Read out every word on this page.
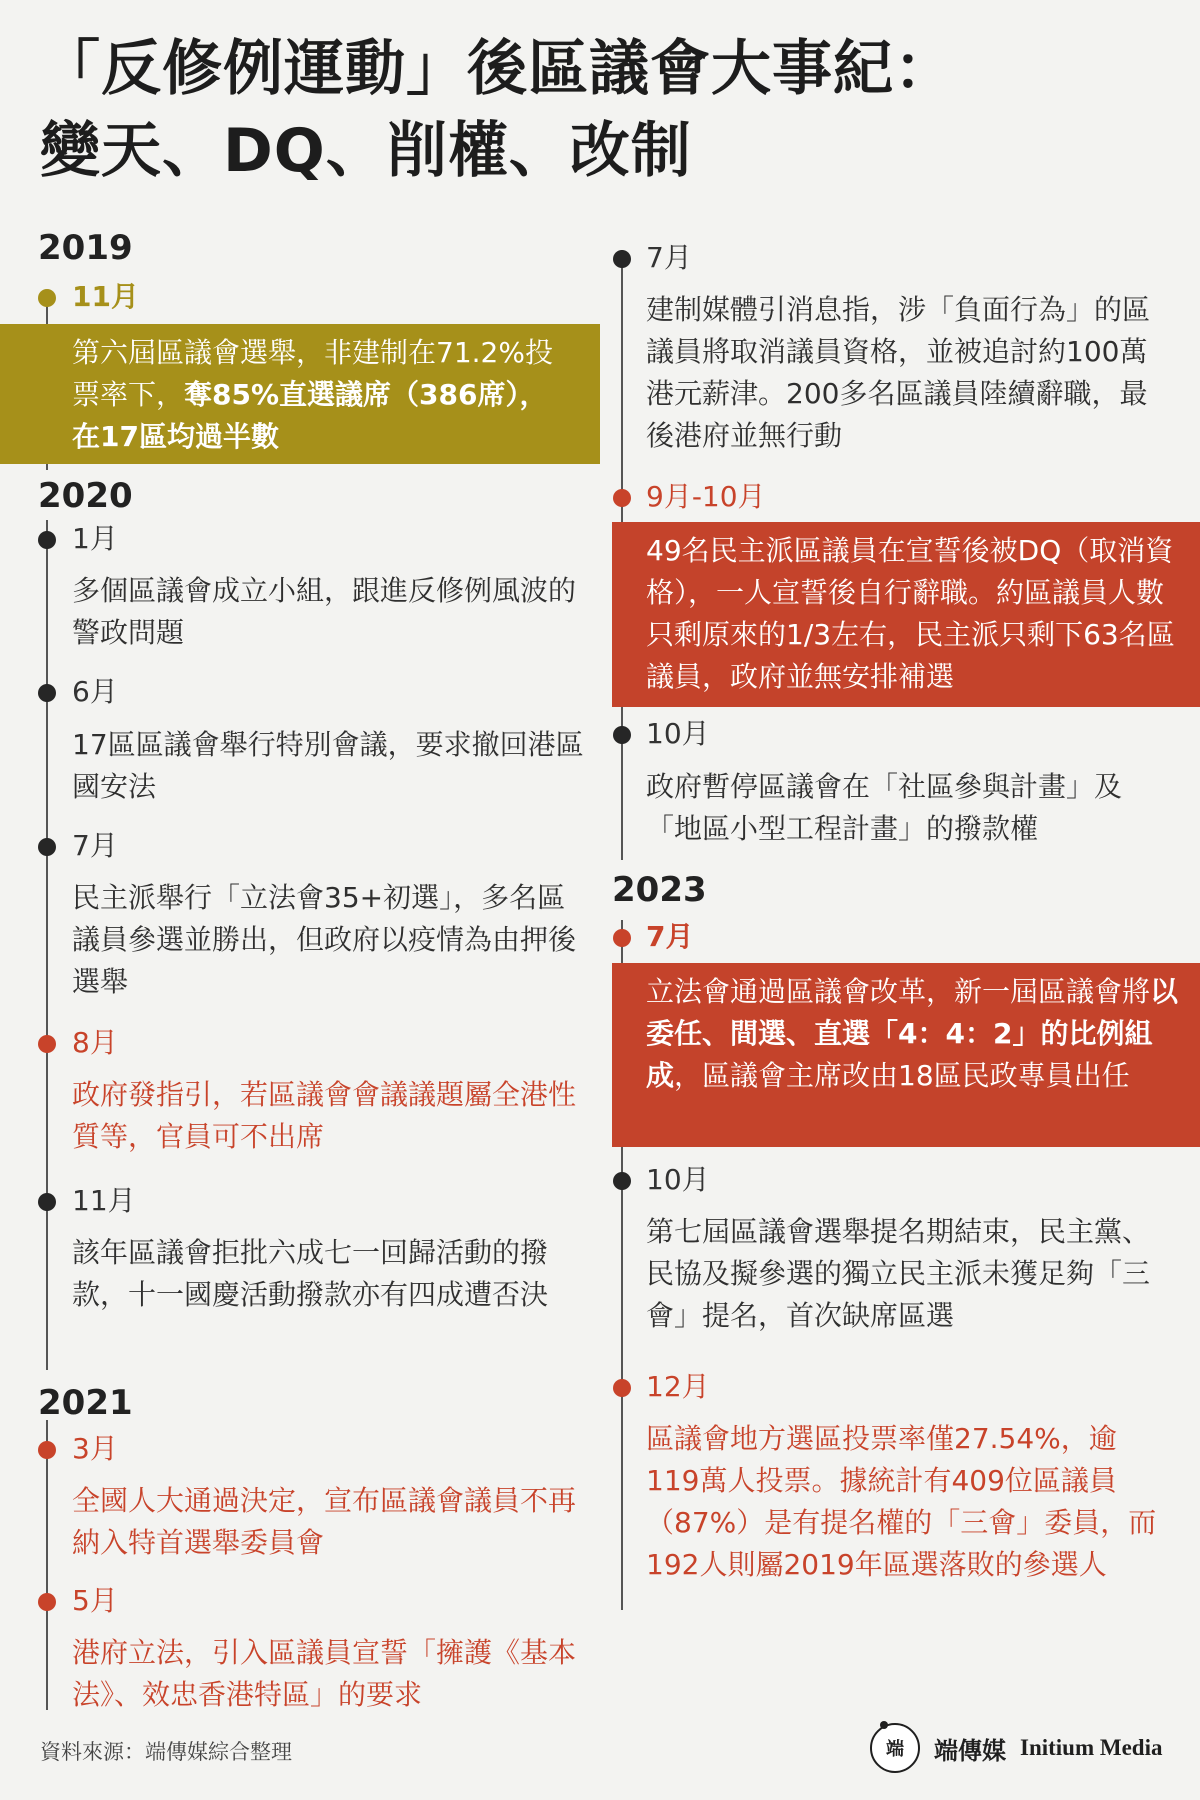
「反修例運動」後區議會大事紀：
變天、DQ、削權、改制
2019
11月
第六屆區議會選舉，非建制在71.2%投票率下，奪85%直選議席（386席），在17區均過半數
2020
1月

多個區議會成立小組，跟進反修例風波的警政問題

6月

17區區議會舉行特別會議，要求撤回港區國安法

7月

民主派舉行「立法會35+初選」，多名區議員參選並勝出，但政府以疫情為由押後選舉

8月

政府發指引，若區議會會議議題屬全港性質等，官員可不出席

11月

該年區議會拒批六成七一回歸活動的撥款，十一國慶活動撥款亦有四成遭否決

2021
3月

全國人大通過決定，宣布區議會議員不再納入特首選舉委員會

5月

港府立法，引入區議員宣誓「擁護《基本法》、效忠香港特區」的要求

7月

建制媒體引消息指，涉「負面行為」的區議員將取消議員資格，並被追討約100萬港元薪津。200多名區議員陸續辭職，最後港府並無行動

9月-10月
49名民主派區議員在宣誓後被DQ（取消資格），一人宣誓後自行辭職。約區議員人數只剩原來的1/3左右，民主派只剩下63名區議員，政府並無安排補選
10月

政府暫停區議會在「社區參與計畫」及「地區小型工程計畫」的撥款權

2023
7月
立法會通過區議會改革，新一屆區議會將以委任、間選、直選「4：4：2」的比例組成，區議會主席改由18區民政專員出任
10月

第七屆區議會選舉提名期結束，民主黨、民協及擬參選的獨立民主派未獲足夠「三會」提名，首次缺席區選

12月

區議會地方選區投票率僅27.54%，逾119萬人投票。據統計有409位區議員（87%）是有提名權的「三會」委員，而192人則屬2019年區選落敗的參選人

資料來源：端傳媒綜合整理	端 端傳媒 Initium Media
